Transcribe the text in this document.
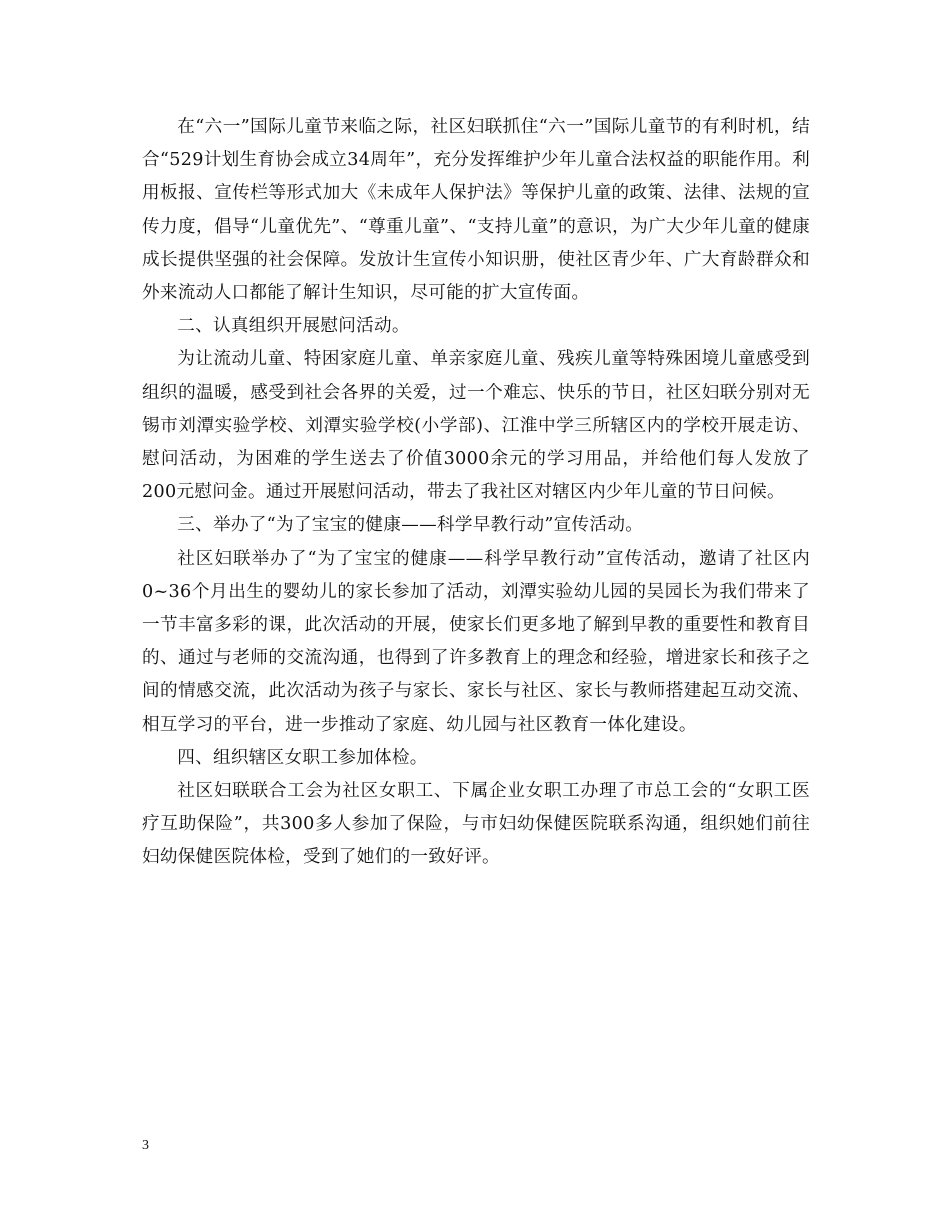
在“六一”国际儿童节来临之际，社区妇联抓住“六一”国际儿童节的有利时机，结合“529计划生育协会成立34周年”，充分发挥维护少年儿童合法权益的职能作用。利用板报、宣传栏等形式加大《未成年人保护法》等保护儿童的政策、法律、法规的宣传力度，倡导“儿童优先”、“尊重儿童”、“支持儿童”的意识，为广大少年儿童的健康成长提供坚强的社会保障。发放计生宣传小知识册，使社区青少年、广大育龄群众和外来流动人口都能了解计生知识，尽可能的扩大宣传面。

二、认真组织开展慰问活动。

为让流动儿童、特困家庭儿童、单亲家庭儿童、残疾儿童等特殊困境儿童感受到组织的温暖，感受到社会各界的关爱，过一个难忘、快乐的节日，社区妇联分别对无锡市刘潭实验学校、刘潭实验学校(小学部)、江淮中学三所辖区内的学校开展走访、慰问活动，为困难的学生送去了价值3000余元的学习用品，并给他们每人发放了200元慰问金。通过开展慰问活动，带去了我社区对辖区内少年儿童的节日问候。

三、举办了“为了宝宝的健康——科学早教行动”宣传活动。

社区妇联举办了“为了宝宝的健康——科学早教行动”宣传活动，邀请了社区内0~36个月出生的婴幼儿的家长参加了活动，刘潭实验幼儿园的吴园长为我们带来了一节丰富多彩的课，此次活动的开展，使家长们更多地了解到早教的重要性和教育目的、通过与老师的交流沟通，也得到了许多教育上的理念和经验，增进家长和孩子之间的情感交流，此次活动为孩子与家长、家长与社区、家长与教师搭建起互动交流、相互学习的平台，进一步推动了家庭、幼儿园与社区教育一体化建设。

四、组织辖区女职工参加体检。

社区妇联联合工会为社区女职工、下属企业女职工办理了市总工会的“女职工医疗互助保险”，共300多人参加了保险，与市妇幼保健医院联系沟通，组织她们前往妇幼保健医院体检，受到了她们的一致好评。

3
